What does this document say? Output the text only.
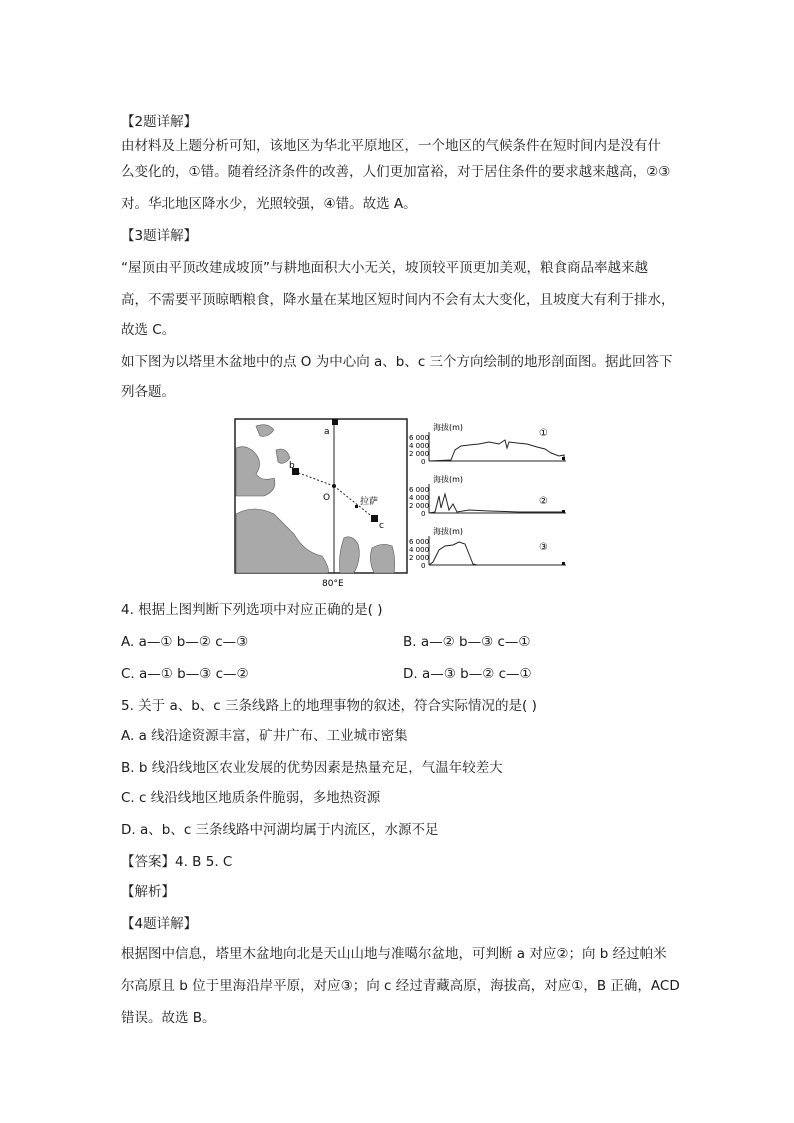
【2题详解】
由材料及上题分析可知，该地区为华北平原地区，一个地区的气候条件在短时间内是没有什
么变化的，①错。随着经济条件的改善，人们更加富裕，对于居住条件的要求越来越高，②③
对。华北地区降水少，光照较强，④错。故选 A。
【3题详解】
“屋顶由平顶改建成坡顶”与耕地面积大小无关，坡顶较平顶更加美观，粮食商品率越来越
高，不需要平顶晾晒粮食，降水量在某地区短时间内不会有太大变化，且坡度大有利于排水，
故选 C。
如下图为以塔里木盆地中的点 O 为中心向 a、b、c 三个方向绘制的地形剖面图。据此回答下
列各题。
a
b
c
O	拉萨
80°E
海拔(m)
6 000
4 000
2 000
0
①
海拔(m)
6 000
4 000
2 000
0
②
海拔(m)
6 000
4 000
2 000
0
③
4. 根据上图判断下列选项中对应正确的是( )
A. a—① b—② c—③	B. a—② b—③ c—①
C. a—① b—③ c—②	D. a—③ b—② c—①
5. 关于 a、b、c 三条线路上的地理事物的叙述，符合实际情况的是( )
A. a 线沿途资源丰富，矿井广布、工业城市密集
B. b 线沿线地区农业发展的优势因素是热量充足，气温年较差大
C. c 线沿线地区地质条件脆弱，多地热资源
D. a、b、c 三条线路中河湖均属于内流区，水源不足
【答案】4. B 5. C
【解析】
【4题详解】
根据图中信息，塔里木盆地向北是天山山地与准噶尔盆地，可判断 a 对应②；向 b 经过帕米
尔高原且 b 位于里海沿岸平原，对应③；向 c 经过青藏高原，海拔高，对应①，B 正确，ACD
错误。故选 B。
